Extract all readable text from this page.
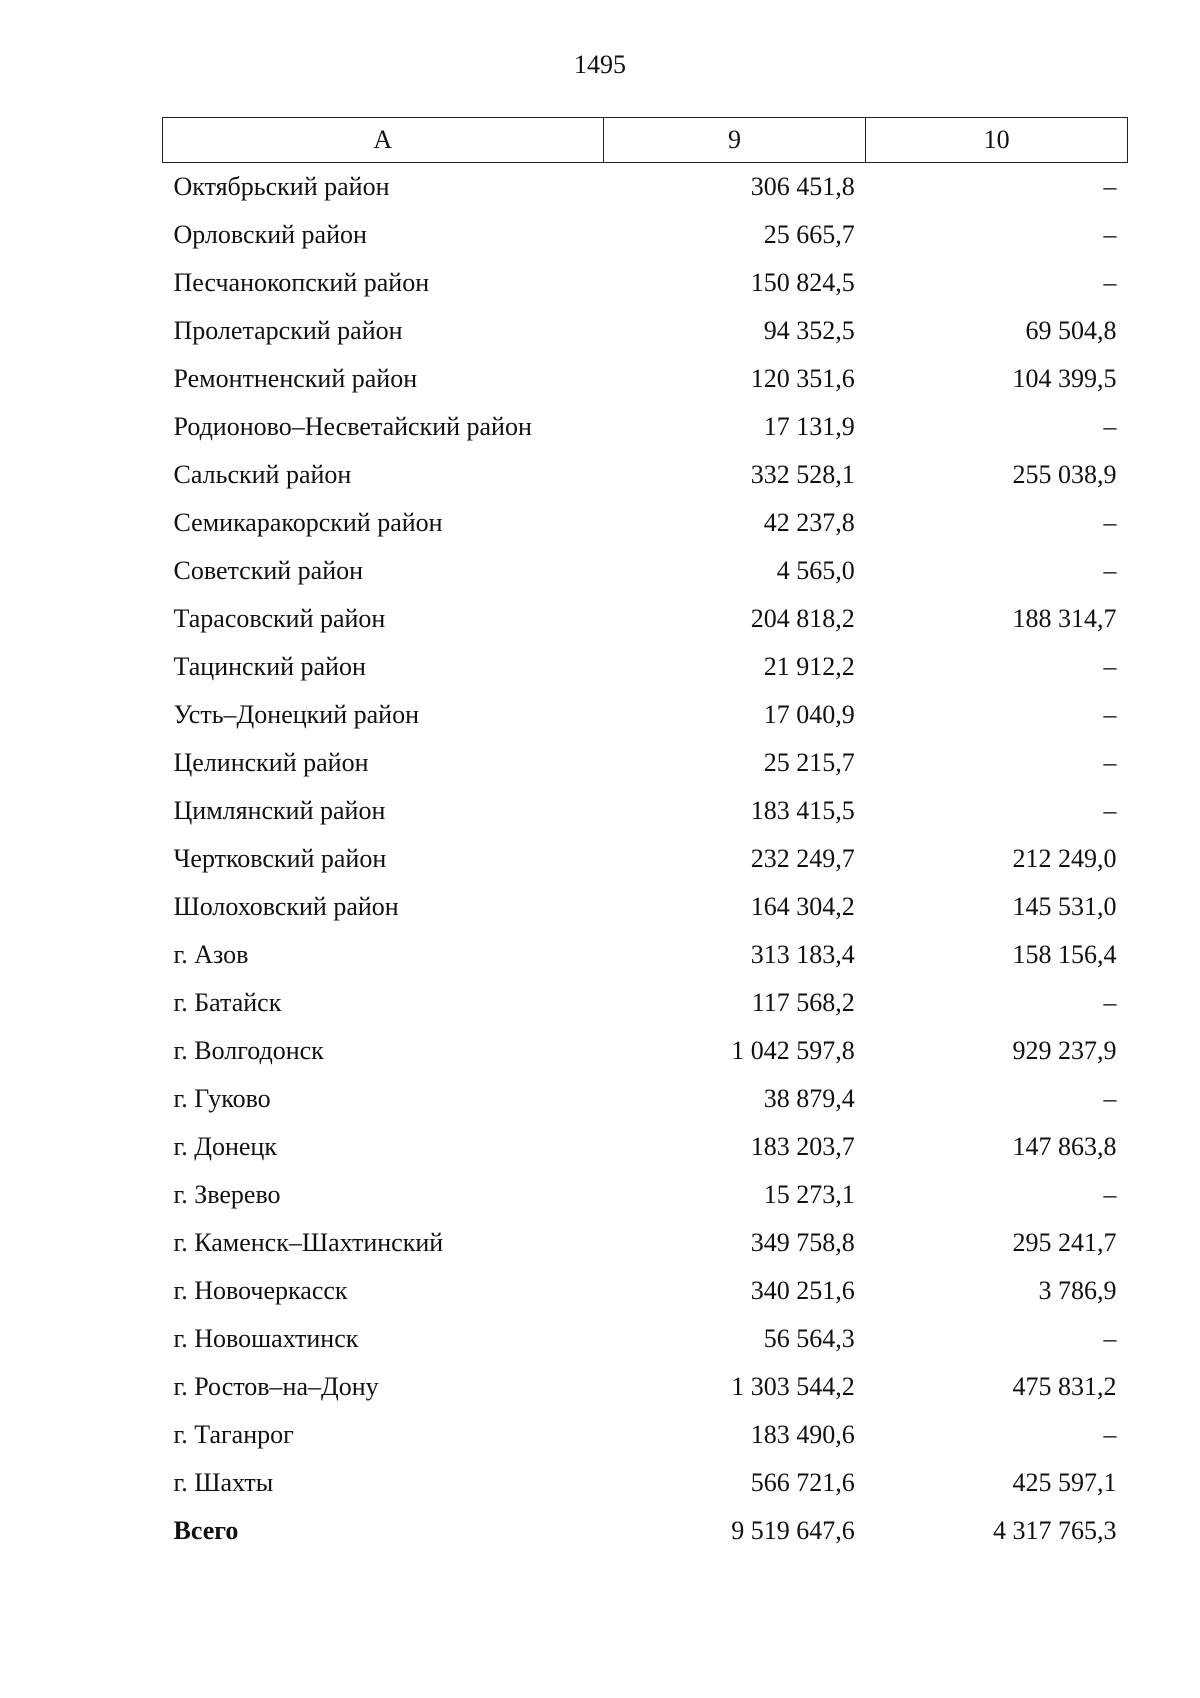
1495
А	9	10
Октябрьский район	306 451,8	–
Орловский район	25 665,7	–
Песчанокопский район	150 824,5	–
Пролетарский район	94 352,5	69 504,8
Ремонтненский район	120 351,6	104 399,5
Родионово–Несветайский район	17 131,9	–
Сальский район	332 528,1	255 038,9
Семикаракорский район	42 237,8	–
Советский район	4 565,0	–
Тарасовский район	204 818,2	188 314,7
Тацинский район	21 912,2	–
Усть–Донецкий район	17 040,9	–
Целинский район	25 215,7	–
Цимлянский район	183 415,5	–
Чертковский район	232 249,7	212 249,0
Шолоховский район	164 304,2	145 531,0
г. Азов	313 183,4	158 156,4
г. Батайск	117 568,2	–
г. Волгодонск	1 042 597,8	929 237,9
г. Гуково	38 879,4	–
г. Донецк	183 203,7	147 863,8
г. Зверево	15 273,1	–
г. Каменск–Шахтинский	349 758,8	295 241,7
г. Новочеркасск	340 251,6	3 786,9
г. Новошахтинск	56 564,3	–
г. Ростов–на–Дону	1 303 544,2	475 831,2
г. Таганрог	183 490,6	–
г. Шахты	566 721,6	425 597,1
Всего	9 519 647,6	4 317 765,3
